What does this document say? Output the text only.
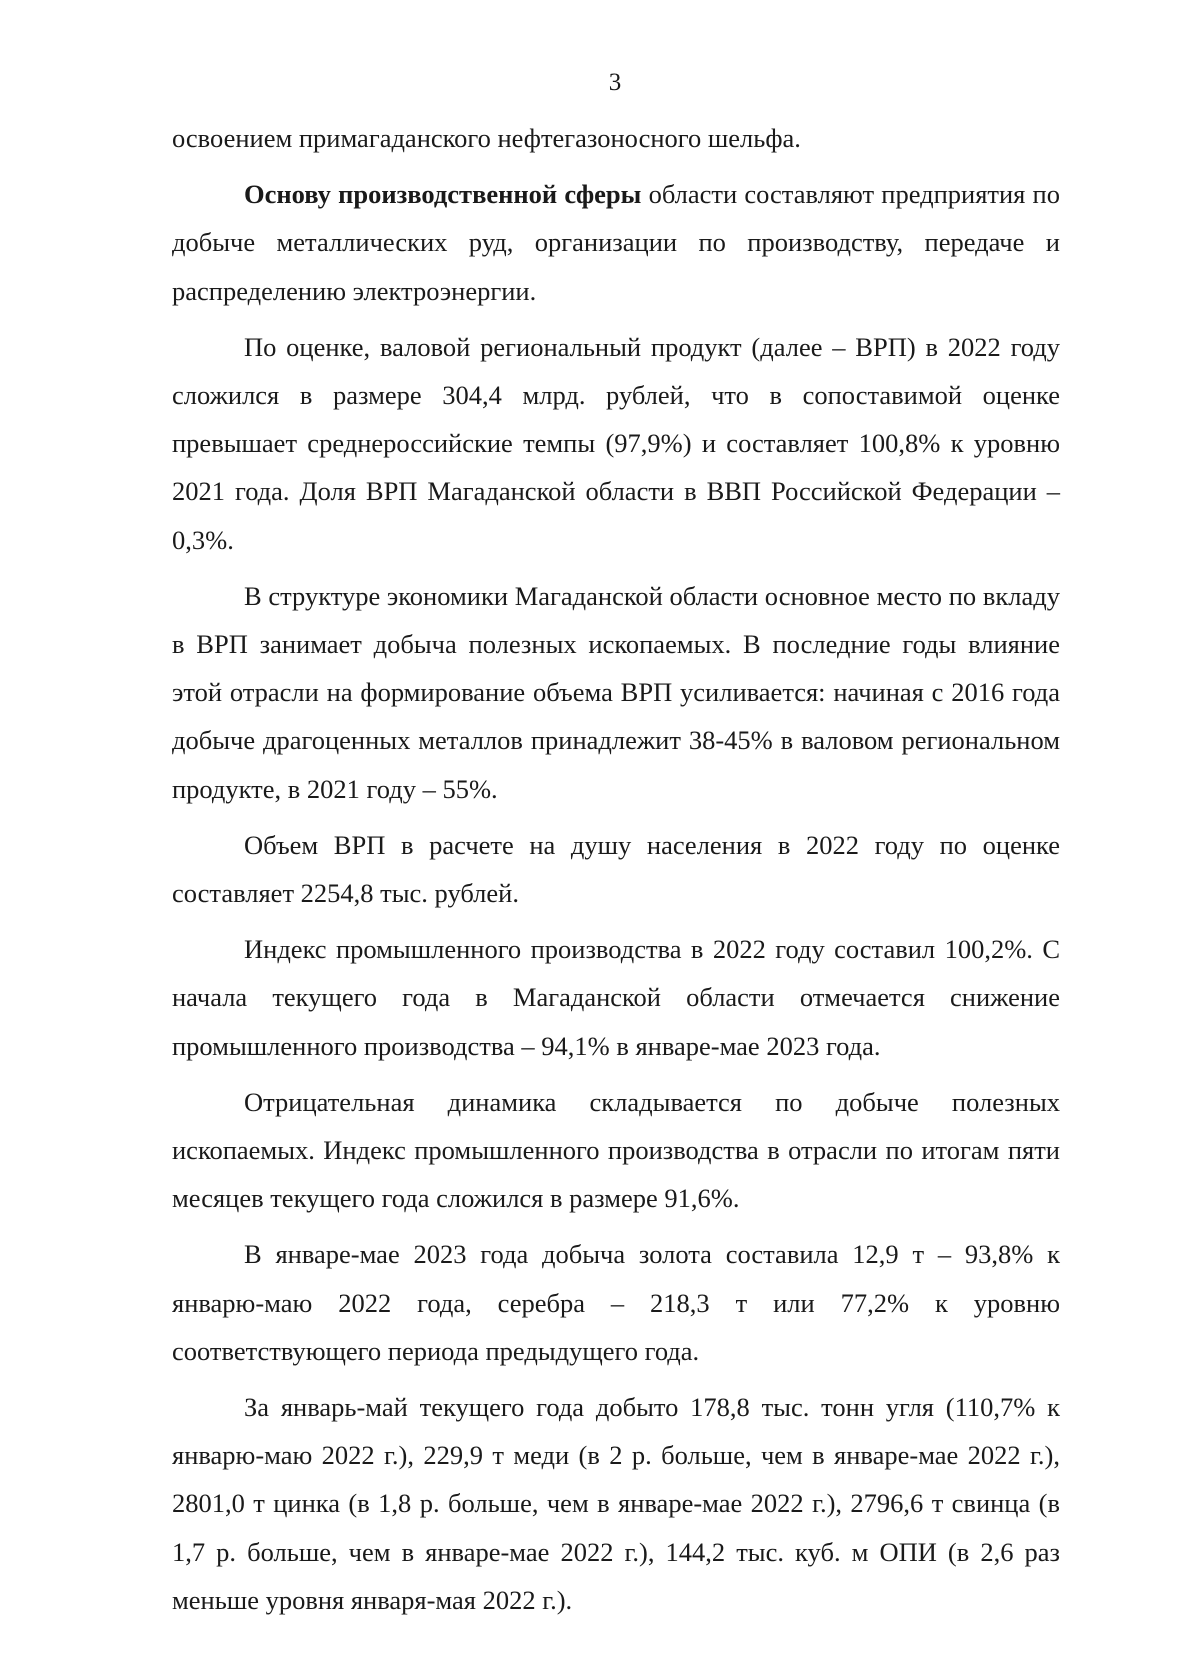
3

освоением примагаданского нефтегазоносного шельфа.

Основу производственной сферы области составляют предприятия по добыче металлических руд, организации по производству, передаче и распределению электроэнергии.

По оценке, валовой региональный продукт (далее – ВРП) в 2022 году сложился в размере 304,4 млрд. рублей, что в сопоставимой оценке превышает среднероссийские темпы (97,9%) и составляет 100,8% к уровню 2021 года. Доля ВРП Магаданской области в ВВП Российской Федерации – 0,3%.

В структуре экономики Магаданской области основное место по вкладу в ВРП занимает добыча полезных ископаемых. В последние годы влияние этой отрасли на формирование объема ВРП усиливается: начиная с 2016 года добыче драгоценных металлов принадлежит 38-45% в валовом региональном продукте, в 2021 году – 55%.

Объем ВРП в расчете на душу населения в 2022 году по оценке составляет 2254,8 тыс. рублей.

Индекс промышленного производства в 2022 году составил 100,2%. С начала текущего года в Магаданской области отмечается снижение промышленного производства – 94,1% в январе-мае 2023 года.

Отрицательная динамика складывается по добыче полезных ископаемых. Индекс промышленного производства в отрасли по итогам пяти месяцев текущего года сложился в размере 91,6%.

В январе-мае 2023 года добыча золота составила 12,9 т – 93,8% к январю-маю 2022 года, серебра – 218,3 т или 77,2% к уровню соответствующего периода предыдущего года.

За январь-май текущего года добыто 178,8 тыс. тонн угля (110,7% к январю-маю 2022 г.), 229,9 т меди (в 2 р. больше, чем в январе-мае 2022 г.), 2801,0 т цинка (в 1,8 р. больше, чем в январе-мае 2022 г.), 2796,6 т свинца (в 1,7 р. больше, чем в январе-мае 2022 г.), 144,2 тыс. куб. м ОПИ (в 2,6 раз меньше уровня января-мая 2022 г.).
